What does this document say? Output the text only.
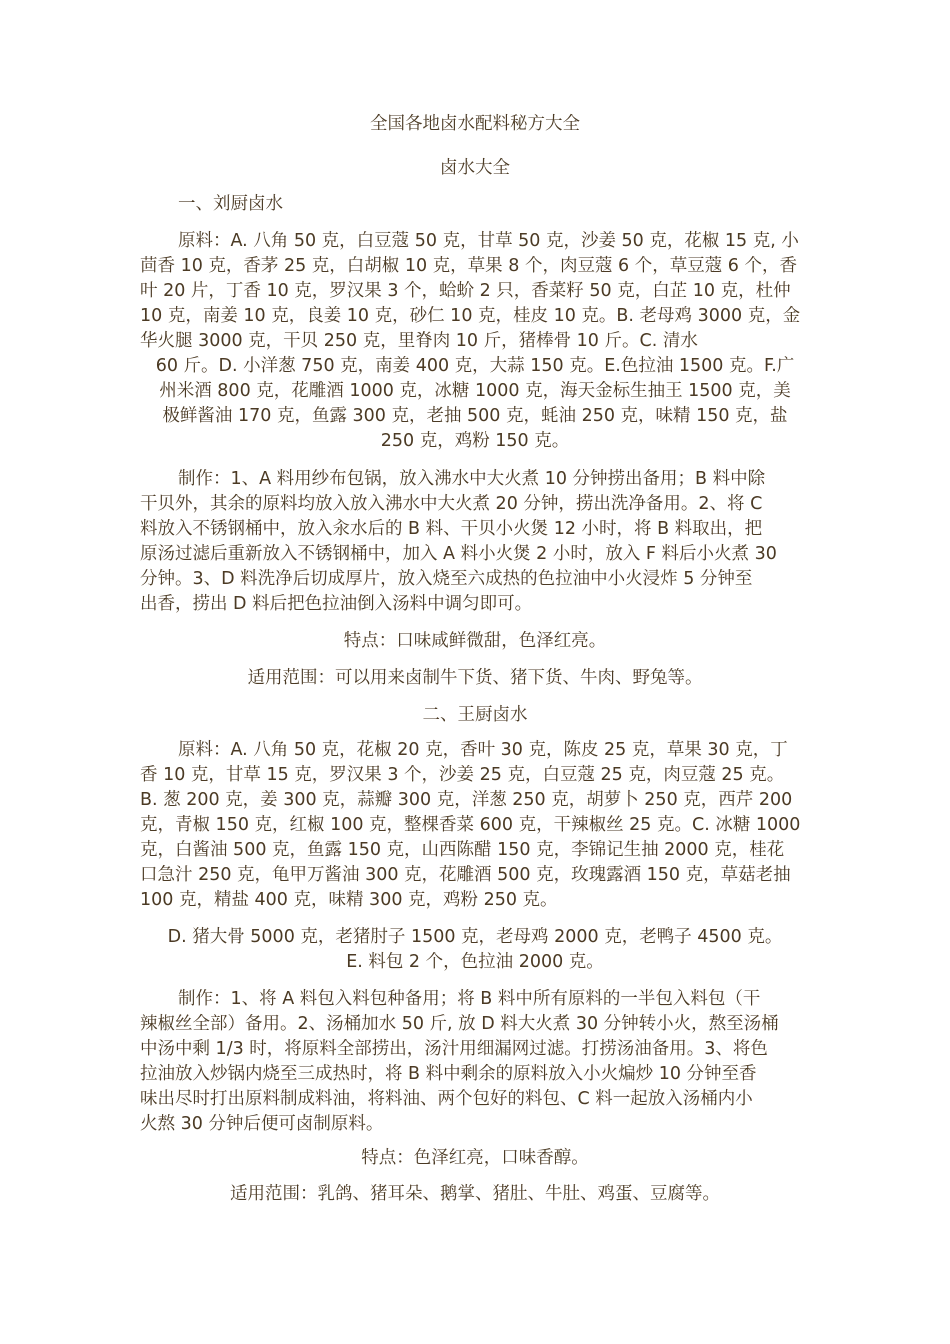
全国各地卤水配料秘方大全

卤水大全

一、刘厨卤水

原料：A. 八角 50 克，白豆蔻 50 克，甘草 50 克，沙姜 50 克，花椒 15 克, 小

茴香 10 克，香茅 25 克，白胡椒 10 克，草果 8 个，肉豆蔻 6 个，草豆蔻 6 个，香

叶 20 片，丁香 10 克，罗汉果 3 个，蛤蚧 2 只，香菜籽 50 克，白芷 10 克，杜仲

10 克，南姜 10 克，良姜 10 克，砂仁 10 克，桂皮 10 克。B. 老母鸡 3000 克，金

华火腿 3000 克，干贝 250 克，里脊肉 10 斤，猪棒骨 10 斤。C. 清水

60 斤。D. 小洋葱 750 克，南姜 400 克，大蒜 150 克。E.色拉油 1500 克。F.广

州米酒 800 克，花雕酒 1000 克，冰糖 1000 克，海天金标生抽王 1500 克，美

极鲜酱油 170 克，鱼露 300 克，老抽 500 克，蚝油 250 克，味精 150 克，盐

250 克，鸡粉 150 克。

制作：1、A 料用纱布包锅，放入沸水中大火煮 10 分钟捞出备用；B 料中除

干贝外，其余的原料均放入放入沸水中大火煮 20 分钟，捞出洗净备用。2、将 C

料放入不锈钢桶中，放入汆水后的 B 料、干贝小火煲 12 小时，将 B 料取出，把

原汤过滤后重新放入不锈钢桶中，加入 A 料小火煲 2 小时，放入 F 料后小火煮 30

分钟。3、D 料洗净后切成厚片，放入烧至六成热的色拉油中小火浸炸 5 分钟至

出香，捞出 D 料后把色拉油倒入汤料中调匀即可。

特点：口味咸鲜微甜，色泽红亮。

适用范围：可以用来卤制牛下货、猪下货、牛肉、野兔等。

二、王厨卤水

原料：A. 八角 50 克，花椒 20 克，香叶 30 克，陈皮 25 克，草果 30 克，丁

香 10 克，甘草 15 克，罗汉果 3 个，沙姜 25 克，白豆蔻 25 克，肉豆蔻 25 克。

B. 葱 200 克，姜 300 克，蒜瓣 300 克，洋葱 250 克，胡萝卜 250 克，西芹 200

克，青椒 150 克，红椒 100 克，整棵香菜 600 克，干辣椒丝 25 克。C. 冰糖 1000

克，白酱油 500 克，鱼露 150 克，山西陈醋 150 克，李锦记生抽 2000 克，桂花

口急汁 250 克，龟甲万酱油 300 克，花雕酒 500 克，玫瑰露酒 150 克，草菇老抽

100 克，精盐 400 克，味精 300 克，鸡粉 250 克。

D. 猪大骨 5000 克，老猪肘子 1500 克，老母鸡 2000 克，老鸭子 4500 克。

E. 料包 2 个，色拉油 2000 克。

制作：1、将 A 料包入料包种备用；将 B 料中所有原料的一半包入料包（干

辣椒丝全部）备用。2、汤桶加水 50 斤, 放 D 料大火煮 30 分钟转小火，熬至汤桶

中汤中剩 1/3 时，将原料全部捞出，汤汁用细漏网过滤。打捞汤油备用。3、将色

拉油放入炒锅内烧至三成热时，将 B 料中剩余的原料放入小火煸炒 10 分钟至香

味出尽时打出原料制成料油，将料油、两个包好的料包、C 料一起放入汤桶内小

火熬 30 分钟后便可卤制原料。

特点：色泽红亮，口味香醇。

适用范围：乳鸽、猪耳朵、鹅掌、猪肚、牛肚、鸡蛋、豆腐等。
